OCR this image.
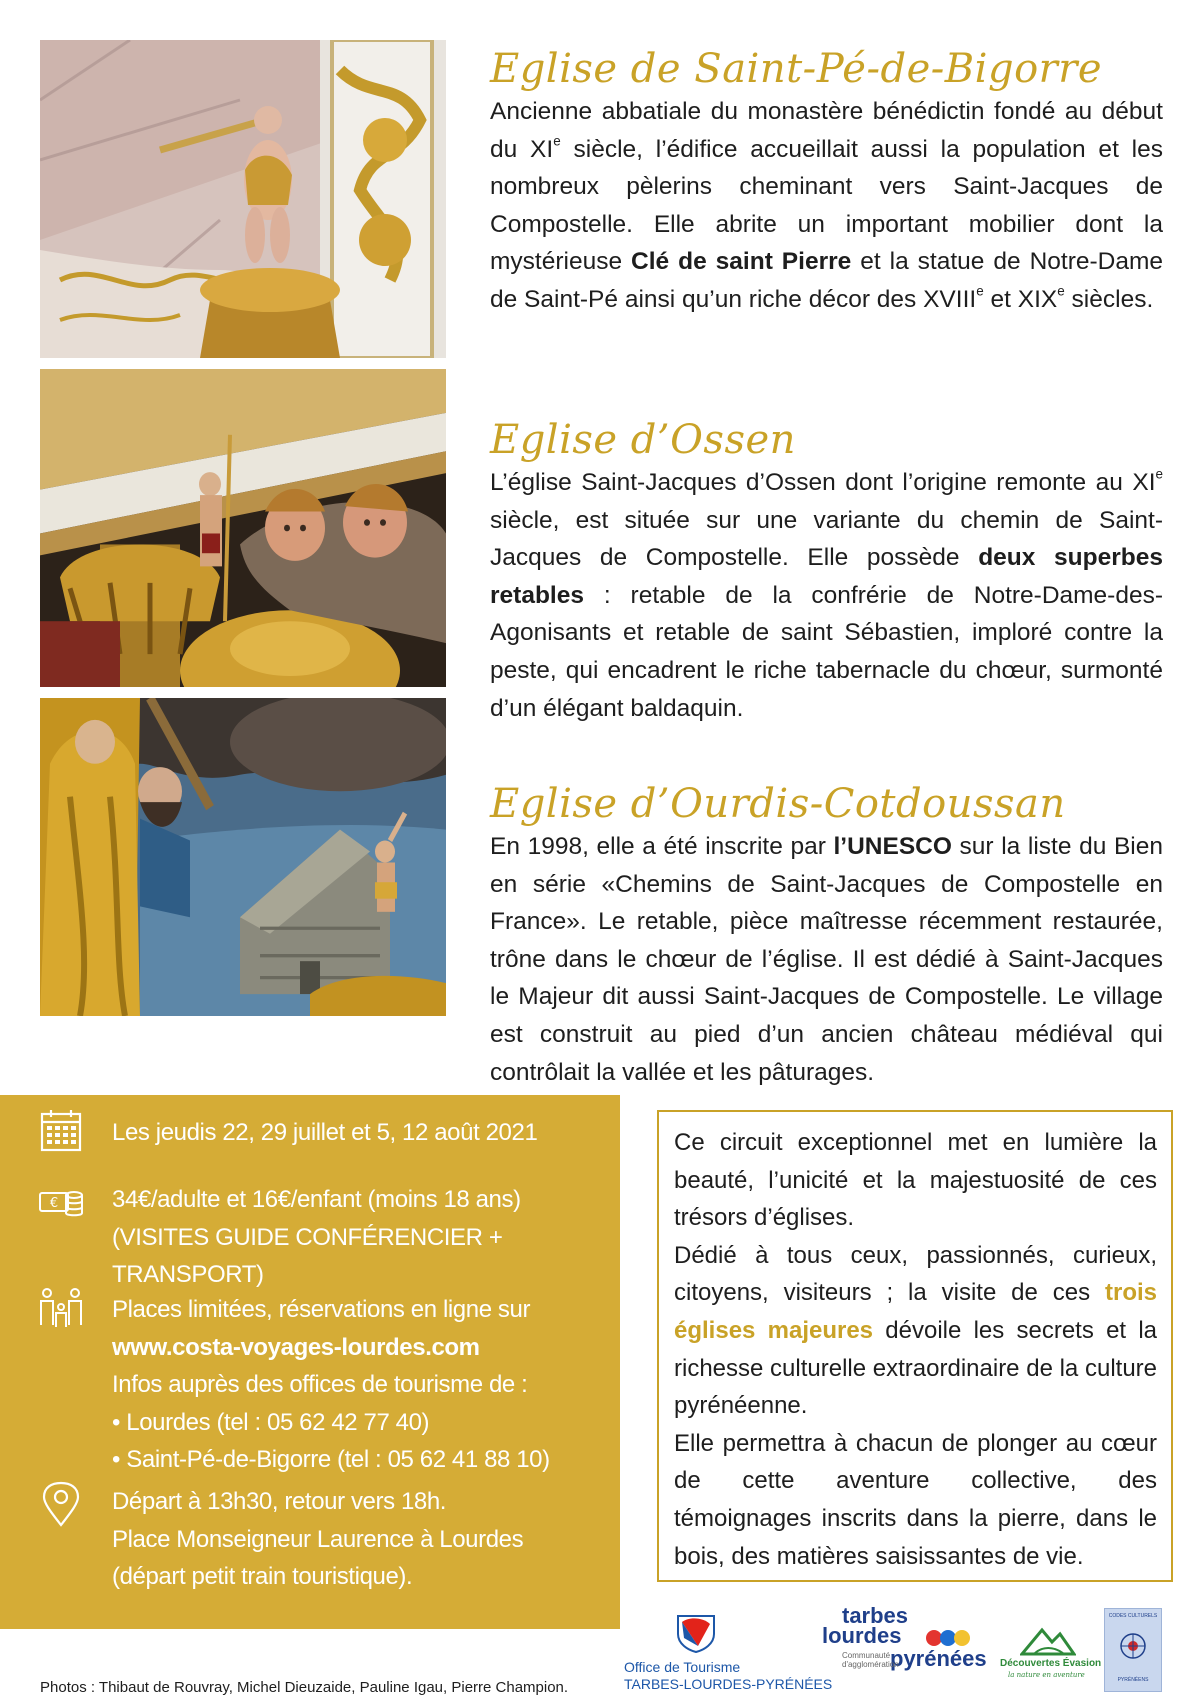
Eglise de Saint-Pé-de-Bigorre
Ancienne abbatiale du monastère bénédictin fondé au début du XIe siècle, l’édifice accueillait aussi la population et les nombreux pèlerins cheminant vers Saint-Jacques de Compostelle. Elle abrite un important mobilier dont la mystérieuse Clé de saint Pierre et la statue de Notre-Dame de Saint-Pé ainsi qu’un riche décor des XVIIIe et XIXe siècles.
Eglise d’Ossen
L’église Saint-Jacques d’Ossen dont l’origine remonte au XIe siècle, est située sur une variante du chemin de Saint-Jacques de Compostelle. Elle possède deux superbes retables : retable de la confrérie de Notre-Dame-des-Agonisants et retable de saint Sébastien, imploré contre la peste, qui encadrent le riche tabernacle du chœur, surmonté d’un élégant baldaquin.
Eglise d’Ourdis-Cotdoussan
En 1998, elle a été inscrite par l’UNESCO sur la liste du Bien en série «Chemins de Saint-Jacques de Compostelle en France». Le retable, pièce maîtresse récemment restaurée, trône dans le chœur de l’église. Il est dédié à Saint-Jacques le Majeur dit aussi Saint-Jacques de Compostelle. Le village est construit au pied d’un ancien château médiéval qui contrôlait la vallée et les pâturages.
Les jeudis 22, 29 juillet et 5, 12 août 2021
€ 34€/adulte et 16€/enfant (moins 18 ans)
(VISITES GUIDE CONFÉRENCIER + TRANSPORT)
Places limitées, réservations en ligne sur
www.costa-voyages-lourdes.com
Infos auprès des offices de tourisme de :
• Lourdes (tel : 05 62 42 77 40)
• Saint-Pé-de-Bigorre (tel : 05 62 41 88 10)
Départ à 13h30, retour vers 18h.
Place Monseigneur Laurence à Lourdes
(départ petit train touristique).

Ce circuit exceptionnel met en lumière la beauté, l’unicité et la majestuosité de ces trésors d’églises.

Dédié à tous ceux, passionnés, curieux, citoyens, visiteurs ; la visite de ces trois églises majeures dévoile les secrets et la richesse culturelle extraordinaire de la culture pyrénéenne.

Elle permettra à chacun de plonger au cœur de cette aventure collective, des témoignages inscrits dans la pierre, dans le bois, des matières saisissantes de vie.

Photos : Thibaut de Rouvray, Michel Dieuzaide, Pauline Igau, Pierre Champion.
Office de Tourisme
TARBES-LOURDES-PYRÉNÉES
tarbes
lourdes
pyrénées
Communauté d'agglomération	Découvertes Évasion
la nature en aventure
CODES CULTURELS
PYRÉNÉENS
